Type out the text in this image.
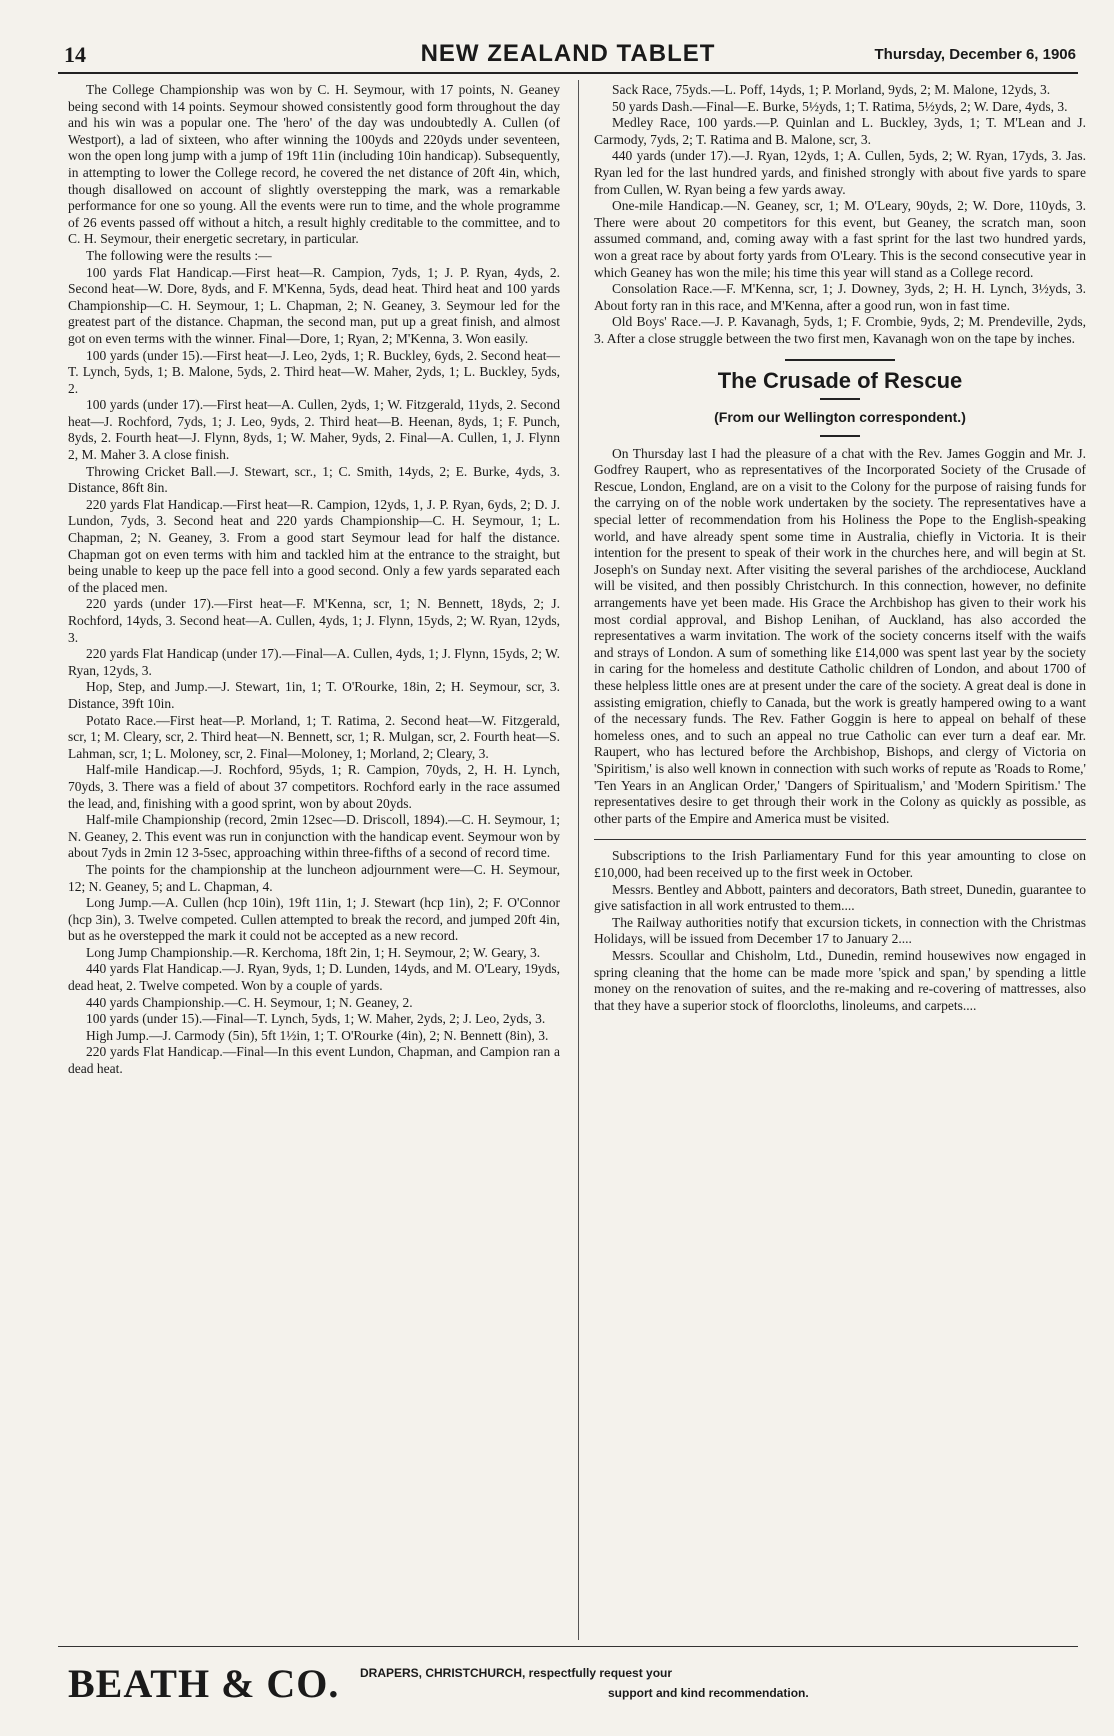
14	NEW ZEALAND TABLET	Thursday, December 6, 1906

The College Championship was won by C. H. Seymour, with 17 points, N. Geaney being second with 14 points. Seymour showed consistently good form throughout the day and his win was a popular one. The 'hero' of the day was undoubtedly A. Cullen (of Westport), a lad of sixteen, who after winning the 100yds and 220yds under seventeen, won the open long jump with a jump of 19ft 11in (including 10in handicap). Subsequently, in attempting to lower the College record, he covered the net distance of 20ft 4in, which, though disallowed on account of slightly overstepping the mark, was a remarkable performance for one so young. All the events were run to time, and the whole programme of 26 events passed off without a hitch, a result highly creditable to the committee, and to C. H. Seymour, their energetic secretary, in particular.

The following were the results :—

100 yards Flat Handicap.—First heat—R. Campion, 7yds, 1; J. P. Ryan, 4yds, 2. Second heat—W. Dore, 8yds, and F. M'Kenna, 5yds, dead heat. Third heat and 100 yards Championship—C. H. Seymour, 1; L. Chapman, 2; N. Geaney, 3. Seymour led for the greatest part of the distance. Chapman, the second man, put up a great finish, and almost got on even terms with the winner. Final—Dore, 1; Ryan, 2; M'Kenna, 3. Won easily.

100 yards (under 15).—First heat—J. Leo, 2yds, 1; R. Buckley, 6yds, 2. Second heat—T. Lynch, 5yds, 1; B. Malone, 5yds, 2. Third heat—W. Maher, 2yds, 1; L. Buckley, 5yds, 2.

100 yards (under 17).—First heat—A. Cullen, 2yds, 1; W. Fitzgerald, 11yds, 2. Second heat—J. Rochford, 7yds, 1; J. Leo, 9yds, 2. Third heat—B. Heenan, 8yds, 1; F. Punch, 8yds, 2. Fourth heat—J. Flynn, 8yds, 1; W. Maher, 9yds, 2. Final—A. Cullen, 1, J. Flynn 2, M. Maher 3. A close finish.

Throwing Cricket Ball.—J. Stewart, scr., 1; C. Smith, 14yds, 2; E. Burke, 4yds, 3. Distance, 86ft 8in.

220 yards Flat Handicap.—First heat—R. Campion, 12yds, 1, J. P. Ryan, 6yds, 2; D. J. Lundon, 7yds, 3. Second heat and 220 yards Championship—C. H. Seymour, 1; L. Chapman, 2; N. Geaney, 3. From a good start Seymour lead for half the distance. Chapman got on even terms with him and tackled him at the entrance to the straight, but being unable to keep up the pace fell into a good second. Only a few yards separated each of the placed men.

220 yards (under 17).—First heat—F. M'Kenna, scr, 1; N. Bennett, 18yds, 2; J. Rochford, 14yds, 3. Second heat—A. Cullen, 4yds, 1; J. Flynn, 15yds, 2; W. Ryan, 12yds, 3.

220 yards Flat Handicap (under 17).—Final—A. Cullen, 4yds, 1; J. Flynn, 15yds, 2; W. Ryan, 12yds, 3.

Hop, Step, and Jump.—J. Stewart, 1in, 1; T. O'Rourke, 18in, 2; H. Seymour, scr, 3. Distance, 39ft 10in.

Potato Race.—First heat—P. Morland, 1; T. Ratima, 2. Second heat—W. Fitzgerald, scr, 1; M. Cleary, scr, 2. Third heat—N. Bennett, scr, 1; R. Mulgan, scr, 2. Fourth heat—S. Lahman, scr, 1; L. Moloney, scr, 2. Final—Moloney, 1; Morland, 2; Cleary, 3.

Half-mile Handicap.—J. Rochford, 95yds, 1; R. Campion, 70yds, 2, H. H. Lynch, 70yds, 3. There was a field of about 37 competitors. Rochford early in the race assumed the lead, and, finishing with a good sprint, won by about 20yds.

Half-mile Championship (record, 2min 12sec—D. Driscoll, 1894).—C. H. Seymour, 1; N. Geaney, 2. This event was run in conjunction with the handicap event. Seymour won by about 7yds in 2min 12 3-5sec, approaching within three-fifths of a second of record time.

The points for the championship at the luncheon adjournment were—C. H. Seymour, 12; N. Geaney, 5; and L. Chapman, 4.

Long Jump.—A. Cullen (hcp 10in), 19ft 11in, 1; J. Stewart (hcp 1in), 2; F. O'Connor (hcp 3in), 3. Twelve competed. Cullen attempted to break the record, and jumped 20ft 4in, but as he overstepped the mark it could not be accepted as a new record.

Long Jump Championship.—R. Kerchoma, 18ft 2in, 1; H. Seymour, 2; W. Geary, 3.

440 yards Flat Handicap.—J. Ryan, 9yds, 1; D. Lunden, 14yds, and M. O'Leary, 19yds, dead heat, 2. Twelve competed. Won by a couple of yards.

440 yards Championship.—C. H. Seymour, 1; N. Geaney, 2.

100 yards (under 15).—Final—T. Lynch, 5yds, 1; W. Maher, 2yds, 2; J. Leo, 2yds, 3.

High Jump.—J. Carmody (5in), 5ft 1½in, 1; T. O'Rourke (4in), 2; N. Bennett (8in), 3.

220 yards Flat Handicap.—Final—In this event Lundon, Chapman, and Campion ran a dead heat.

Sack Race, 75yds.—L. Poff, 14yds, 1; P. Morland, 9yds, 2; M. Malone, 12yds, 3.

50 yards Dash.—Final—E. Burke, 5½yds, 1; T. Ratima, 5½yds, 2; W. Dare, 4yds, 3.

Medley Race, 100 yards.—P. Quinlan and L. Buckley, 3yds, 1; T. M'Lean and J. Carmody, 7yds, 2; T. Ratima and B. Malone, scr, 3.

440 yards (under 17).—J. Ryan, 12yds, 1; A. Cullen, 5yds, 2; W. Ryan, 17yds, 3. Jas. Ryan led for the last hundred yards, and finished strongly with about five yards to spare from Cullen, W. Ryan being a few yards away.

One-mile Handicap.—N. Geaney, scr, 1; M. O'Leary, 90yds, 2; W. Dore, 110yds, 3. There were about 20 competitors for this event, but Geaney, the scratch man, soon assumed command, and, coming away with a fast sprint for the last two hundred yards, won a great race by about forty yards from O'Leary. This is the second consecutive year in which Geaney has won the mile; his time this year will stand as a College record.

Consolation Race.—F. M'Kenna, scr, 1; J. Downey, 3yds, 2; H. H. Lynch, 3½yds, 3. About forty ran in this race, and M'Kenna, after a good run, won in fast time.

Old Boys' Race.—J. P. Kavanagh, 5yds, 1; F. Crombie, 9yds, 2; M. Prendeville, 2yds, 3. After a close struggle between the two first men, Kavanagh won on the tape by inches.

The Crusade of Rescue
(From our Wellington correspondent.)

On Thursday last I had the pleasure of a chat with the Rev. James Goggin and Mr. J. Godfrey Raupert, who as representatives of the Incorporated Society of the Crusade of Rescue, London, England, are on a visit to the Colony for the purpose of raising funds for the carrying on of the noble work undertaken by the society. The representatives have a special letter of recommendation from his Holiness the Pope to the English-speaking world, and have already spent some time in Australia, chiefly in Victoria. It is their intention for the present to speak of their work in the churches here, and will begin at St. Joseph's on Sunday next. After visiting the several parishes of the archdiocese, Auckland will be visited, and then possibly Christchurch. In this connection, however, no definite arrangements have yet been made. His Grace the Archbishop has given to their work his most cordial approval, and Bishop Lenihan, of Auckland, has also accorded the representatives a warm invitation. The work of the society concerns itself with the waifs and strays of London. A sum of something like £14,000 was spent last year by the society in caring for the homeless and destitute Catholic children of London, and about 1700 of these helpless little ones are at present under the care of the society. A great deal is done in assisting emigration, chiefly to Canada, but the work is greatly hampered owing to a want of the necessary funds. The Rev. Father Goggin is here to appeal on behalf of these homeless ones, and to such an appeal no true Catholic can ever turn a deaf ear. Mr. Raupert, who has lectured before the Archbishop, Bishops, and clergy of Victoria on 'Spiritism,' is also well known in connection with such works of repute as 'Roads to Rome,' 'Ten Years in an Anglican Order,' 'Dangers of Spiritualism,' and 'Modern Spiritism.' The representatives desire to get through their work in the Colony as quickly as possible, as other parts of the Empire and America must be visited.

Subscriptions to the Irish Parliamentary Fund for this year amounting to close on £10,000, had been received up to the first week in October.

Messrs. Bentley and Abbott, painters and decorators, Bath street, Dunedin, guarantee to give satisfaction in all work entrusted to them....

The Railway authorities notify that excursion tickets, in connection with the Christmas Holidays, will be issued from December 17 to January 2....

Messrs. Scoullar and Chisholm, Ltd., Dunedin, remind housewives now engaged in spring cleaning that the home can be made more 'spick and span,' by spending a little money on the renovation of suites, and the re-making and re-covering of mattresses, also that they have a superior stock of floorcloths, linoleums, and carpets....

BEATH & CO. DRAPERS, CHRISTCHURCH, respectfully request your
support and kind recommendation.
